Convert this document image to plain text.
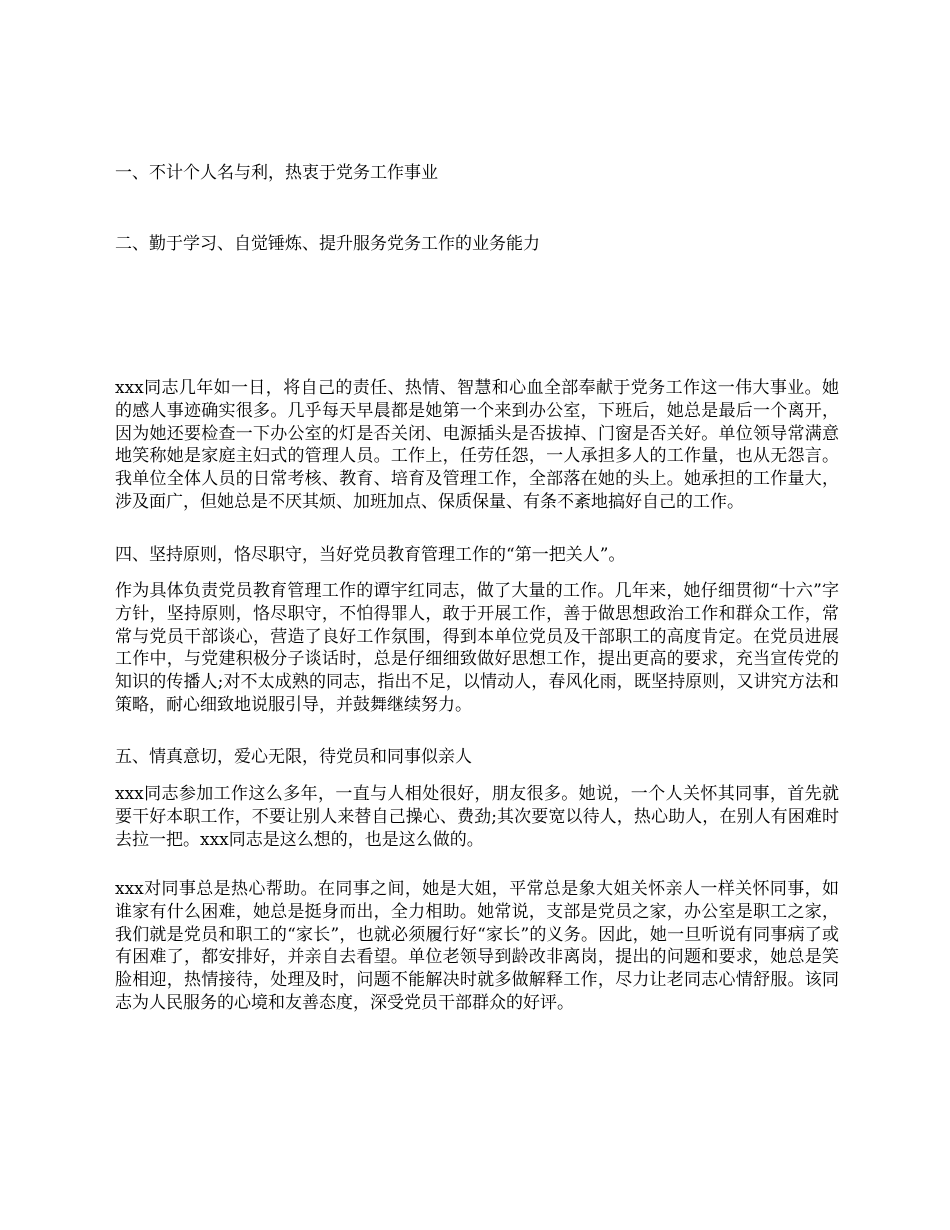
一、不计个人名与利，热衷于党务工作事业

二、勤于学习、自觉锤炼、提升服务党务工作的业务能力

xxx同志几年如一日，将自己的责任、热情、智慧和心血全部奉献于党务工作这一伟大事业。她的感人事迹确实很多。几乎每天早晨都是她第一个来到办公室，下班后，她总是最后一个离开，因为她还要检查一下办公室的灯是否关闭、电源插头是否拔掉、门窗是否关好。单位领导常满意地笑称她是家庭主妇式的管理人员。工作上，任劳任怨，一人承担多人的工作量，也从无怨言。我单位全体人员的日常考核、教育、培育及管理工作，全部落在她的头上。她承担的工作量大，涉及面广，但她总是不厌其烦、加班加点、保质保量、有条不紊地搞好自己的工作。

四、坚持原则，恪尽职守，当好党员教育管理工作的“第一把关人”。

作为具体负责党员教育管理工作的谭宇红同志，做了大量的工作。几年来，她仔细贯彻“十六”字方针，坚持原则，恪尽职守，不怕得罪人，敢于开展工作，善于做思想政治工作和群众工作，常常与党员干部谈心，营造了良好工作氛围，得到本单位党员及干部职工的高度肯定。在党员进展工作中，与党建积极分子谈话时，总是仔细细致做好思想工作，提出更高的要求，充当宣传党的知识的传播人;对不太成熟的同志，指出不足，以情动人，春风化雨，既坚持原则，又讲究方法和策略，耐心细致地说服引导，并鼓舞继续努力。

五、情真意切，爱心无限，待党员和同事似亲人

xxx同志参加工作这么多年，一直与人相处很好，朋友很多。她说，一个人关怀其同事，首先就要干好本职工作，不要让别人来替自己操心、费劲;其次要宽以待人，热心助人，在别人有困难时去拉一把。xxx同志是这么想的，也是这么做的。

xxx对同事总是热心帮助。在同事之间，她是大姐，平常总是象大姐关怀亲人一样关怀同事，如谁家有什么困难，她总是挺身而出，全力相助。她常说，支部是党员之家，办公室是职工之家，我们就是党员和职工的“家长”，也就必须履行好“家长”的义务。因此，她一旦听说有同事病了或有困难了，都安排好，并亲自去看望。单位老领导到龄改非离岗，提出的问题和要求，她总是笑脸相迎，热情接待，处理及时，问题不能解决时就多做解释工作，尽力让老同志心情舒服。该同志为人民服务的心境和友善态度，深受党员干部群众的好评。
